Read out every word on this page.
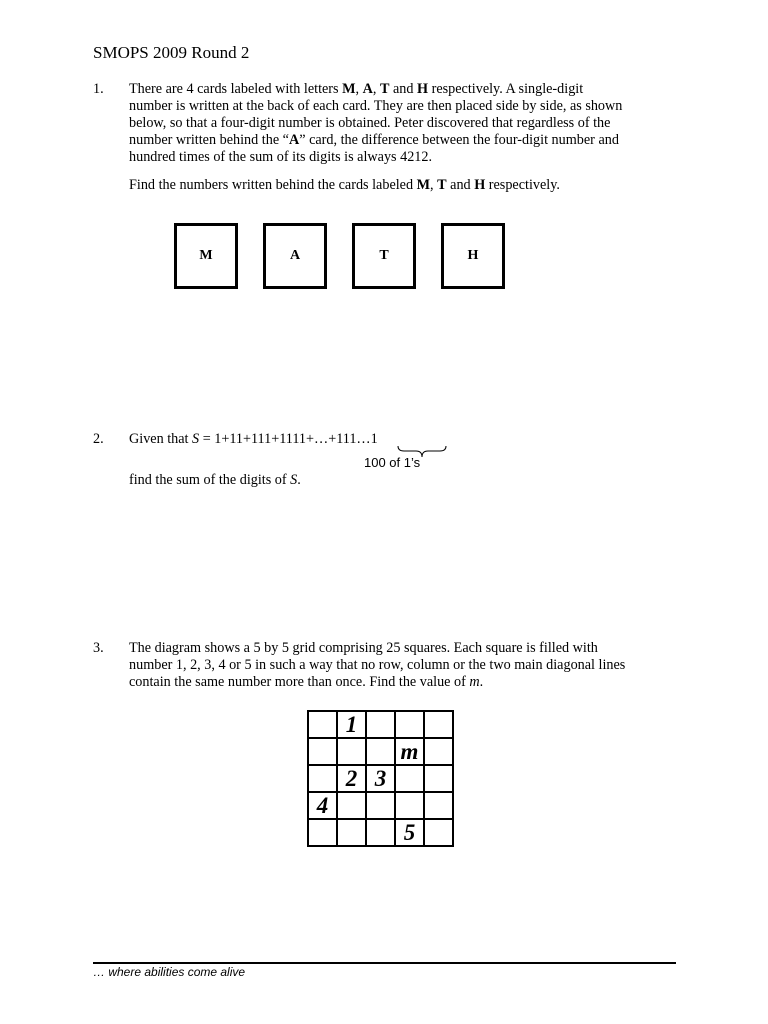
SMOPS 2009 Round 2
1. There are 4 cards labeled with letters M, A, T and H respectively. A single-digit
number is written at the back of each card. They are then placed side by side, as shown
below, so that a four-digit number is obtained. Peter discovered that regardless of the
number written behind the “A” card, the difference between the four-digit number and
hundred times of the sum of its digits is always 4212.
Find the numbers written behind the cards labeled M, T and H respectively.
M	A	T	H
2. Given that S = 1+11+111+1111+…+111…1
100 of 1’s
find the sum of the digits of S.
3. The diagram shows a 5 by 5 grid comprising 25 squares. Each square is filled with
number 1, 2, 3, 4 or 5 in such a way that no row, column or the two main diagonal lines
contain the same number more than once. Find the value of m.
	1			
			m	
	2	3		
4				
			5	
… where abilities come alive
